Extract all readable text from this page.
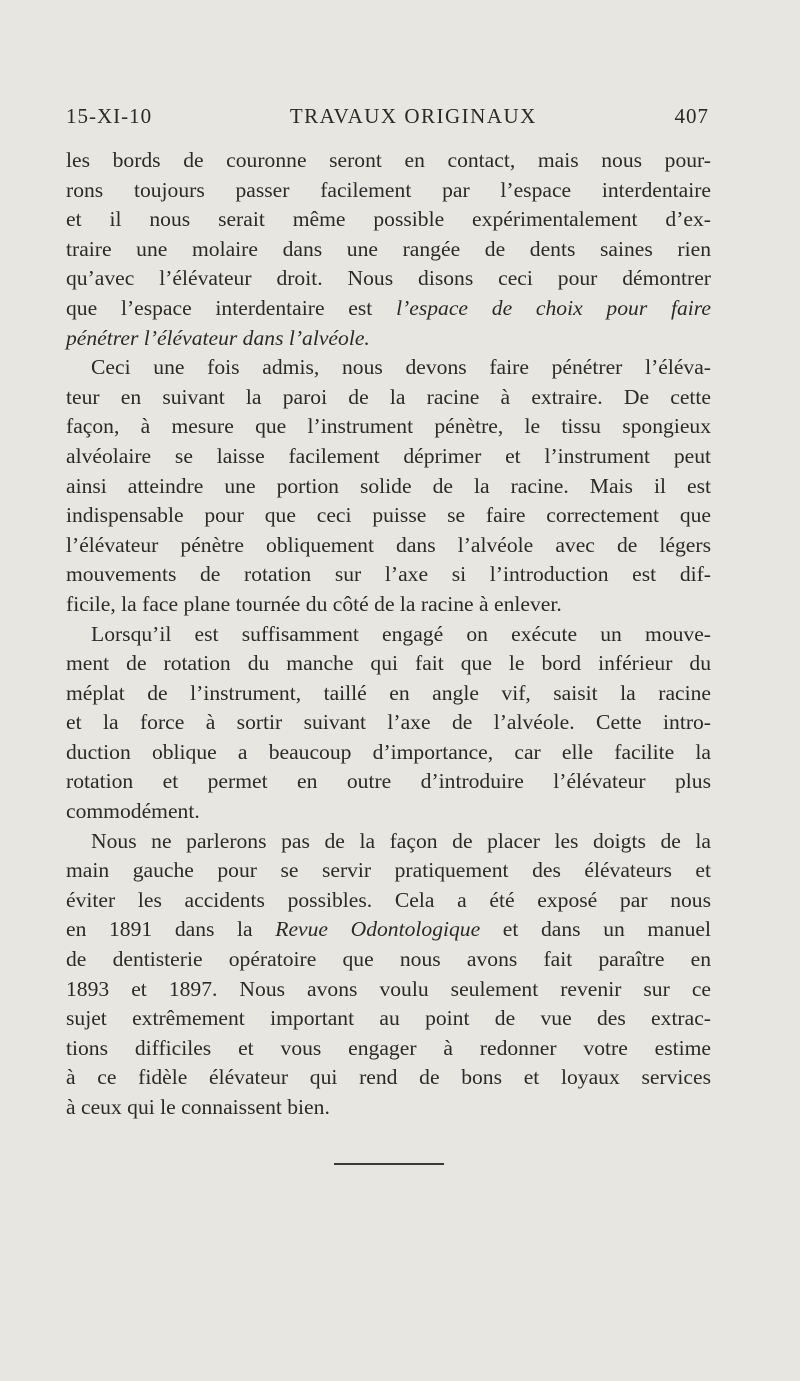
15-XI-10	TRAVAUX ORIGINAUX	407
les bords de couronne seront en contact, mais nous pour-
rons toujours passer facilement par l’espace interdentaire
et il nous serait même possible expérimentalement d’ex-
traire une molaire dans une rangée de dents saines rien
qu’avec l’élévateur droit. Nous disons ceci pour démontrer
que l’espace interdentaire est l’espace de choix pour faire
pénétrer l’élévateur dans l’alvéole.
Ceci une fois admis, nous devons faire pénétrer l’éléva-
teur en suivant la paroi de la racine à extraire. De cette
façon, à mesure que l’instrument pénètre, le tissu spongieux
alvéolaire se laisse facilement déprimer et l’instrument peut
ainsi atteindre une portion solide de la racine. Mais il est
indispensable pour que ceci puisse se faire correctement que
l’élévateur pénètre obliquement dans l’alvéole avec de légers
mouvements de rotation sur l’axe si l’introduction est dif-
ficile, la face plane tournée du côté de la racine à enlever.
Lorsqu’il est suffisamment engagé on exécute un mouve-
ment de rotation du manche qui fait que le bord inférieur du
méplat de l’instrument, taillé en angle vif, saisit la racine
et la force à sortir suivant l’axe de l’alvéole. Cette intro-
duction oblique a beaucoup d’importance, car elle facilite la
rotation et permet en outre d’introduire l’élévateur plus
commodément.
Nous ne parlerons pas de la façon de placer les doigts de la
main gauche pour se servir pratiquement des élévateurs et
éviter les accidents possibles. Cela a été exposé par nous
en 1891 dans la Revue Odontologique et dans un manuel
de dentisterie opératoire que nous avons fait paraître en
1893 et 1897. Nous avons voulu seulement revenir sur ce
sujet extrêmement important au point de vue des extrac-
tions difficiles et vous engager à redonner votre estime
à ce fidèle élévateur qui rend de bons et loyaux services
à ceux qui le connaissent bien.
